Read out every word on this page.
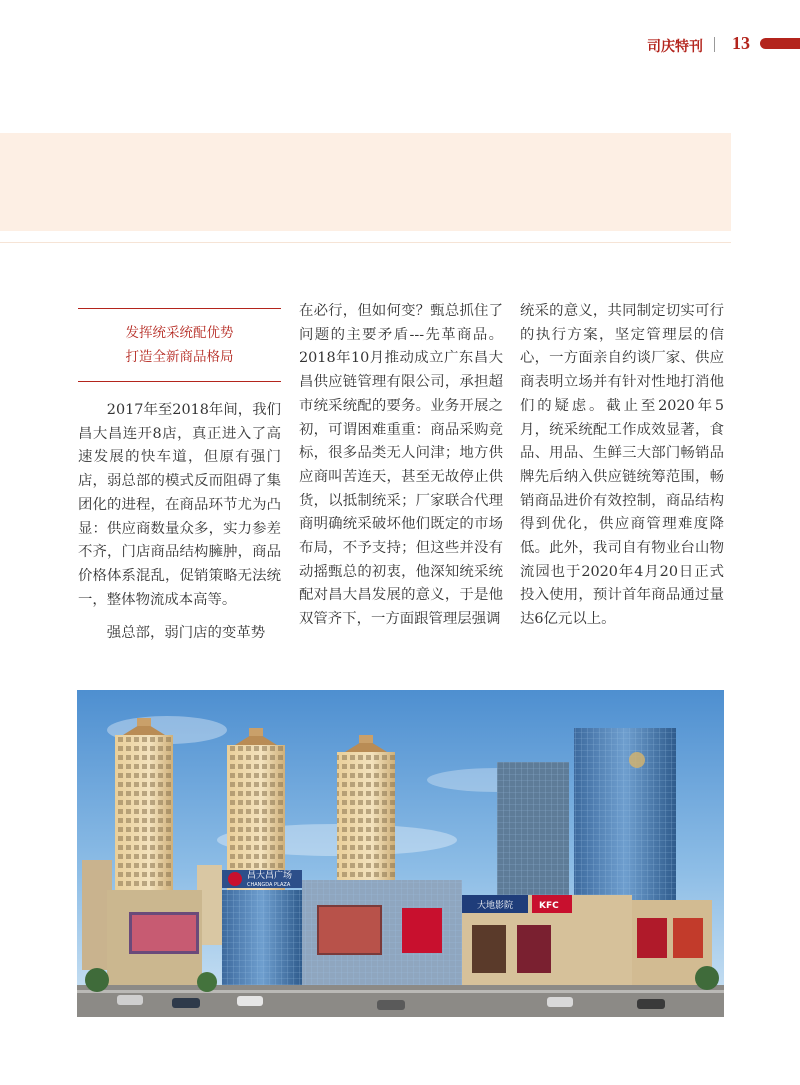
司庆特刊 13
发挥统采统配优势
打造全新商品格局

2017年至2018年间，我们昌大昌连开8店，真正进入了高速发展的快车道，但原有强门店，弱总部的模式反而阻碍了集团化的进程，在商品环节尤为凸显：供应商数量众多，实力参差不齐，门店商品结构臃肿，商品价格体系混乱，促销策略无法统一，整体物流成本高等。

强总部，弱门店的变革势

在必行，但如何变？甄总抓住了问题的主要矛盾---先革商品。2018年10月推动成立广东昌大昌供应链管理有限公司，承担超市统采统配的要务。业务开展之初，可谓困难重重：商品采购竞标，很多品类无人问津；地方供应商叫苦连天，甚至无故停止供货，以抵制统采；厂家联合代理商明确统采破坏他们既定的市场布局，不予支持；但这些并没有动摇甄总的初衷，他深知统采统配对昌大昌发展的意义，于是他双管齐下，一方面跟管理层强调

统采的意义，共同制定切实可行的执行方案，坚定管理层的信心，一方面亲自约谈厂家、供应商表明立场并有针对性地打消他们的疑虑。截止至2020年5月，统采统配工作成效显著，食品、用品、生鲜三大部门畅销品牌先后纳入供应链统筹范围，畅销商品进价有效控制，商品结构得到优化，供应商管理难度降低。此外，我司自有物业台山物流园也于2020年4月20日正式投入使用，预计首年商品通过量达6亿元以上。

昌大昌广场
CHANGDA PLAZA
大地影院	KFC
